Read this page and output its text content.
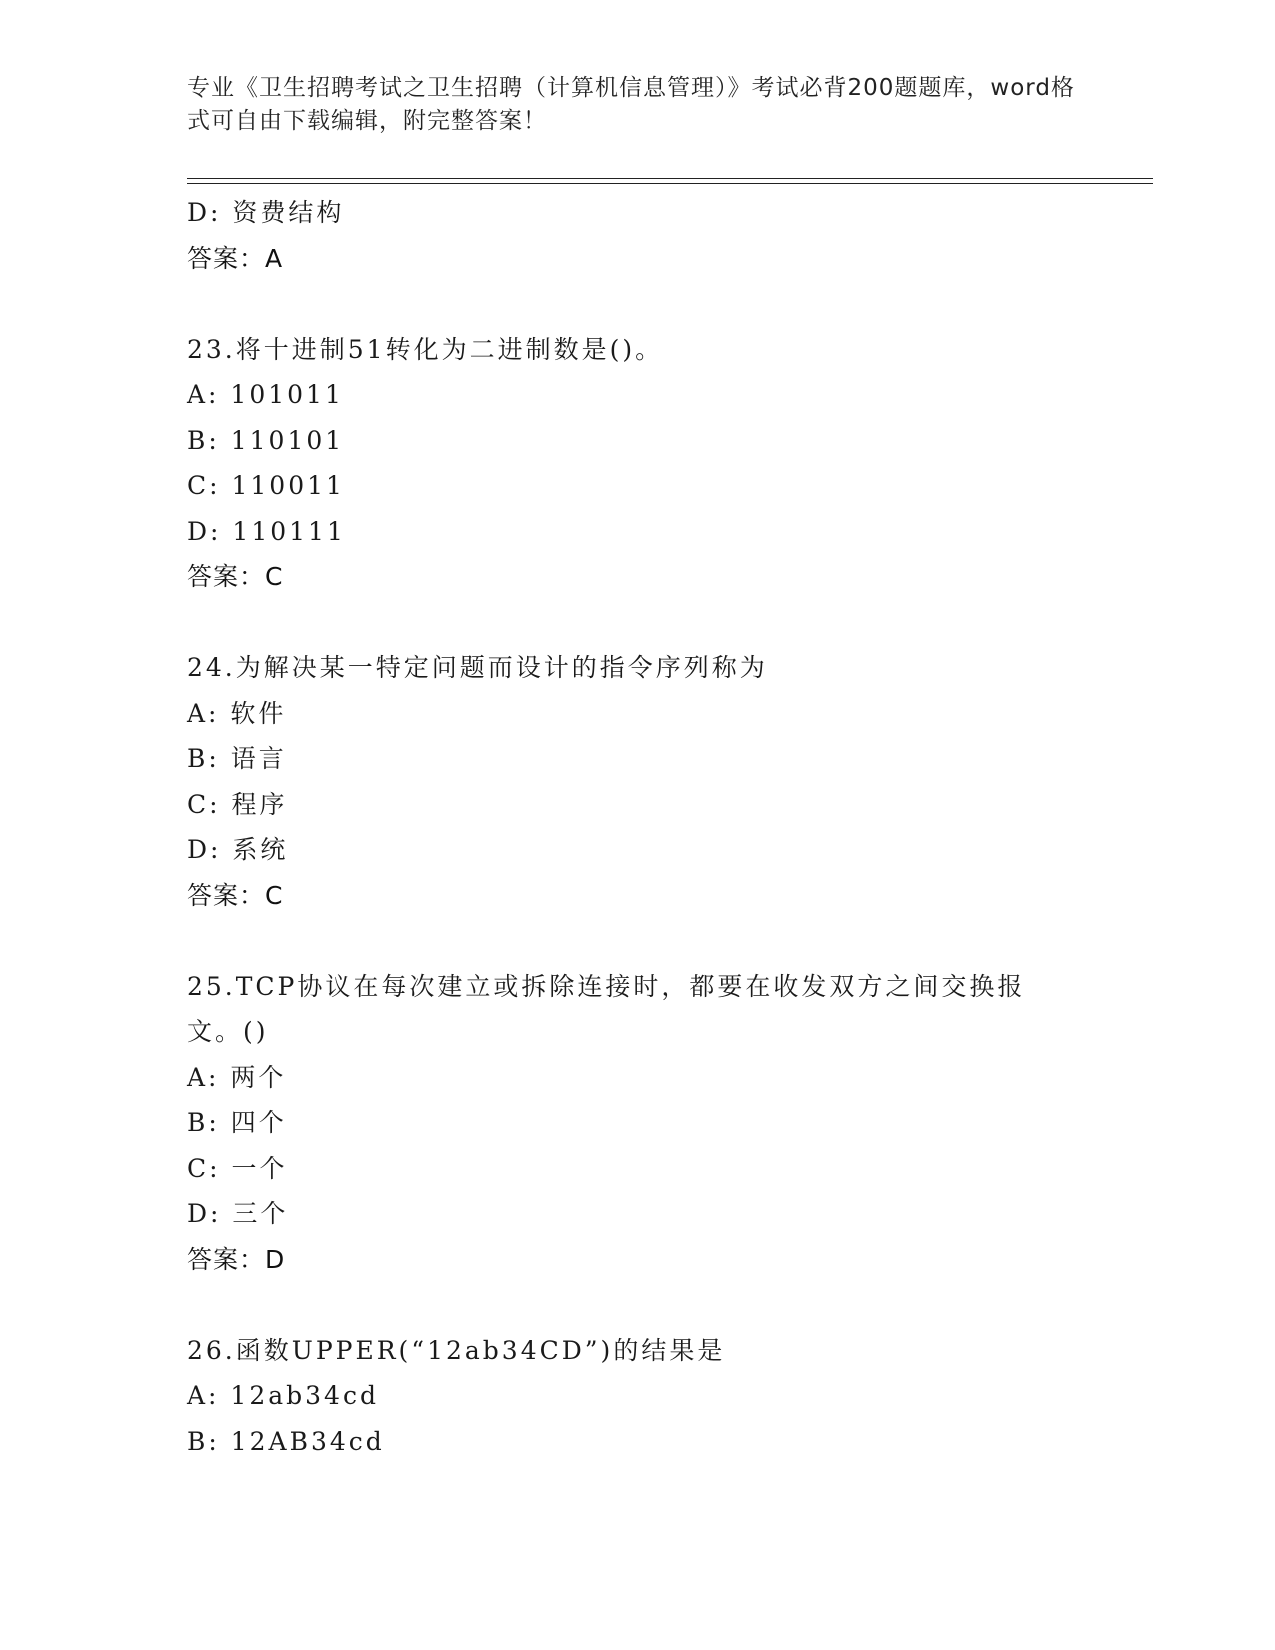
专业《卫生招聘考试之卫生招聘（计算机信息管理）》考试必背200题题库，word格式可自由下载编辑，附完整答案！
D: 资费结构
答案：A
23.将十进制51转化为二进制数是()。
A: 101011
B: 110101
C: 110011
D: 110111
答案：C
24.为解决某一特定问题而设计的指令序列称为
A: 软件
B: 语言
C: 程序
D: 系统
答案：C
25.TCP协议在每次建立或拆除连接时，都要在收发双方之间交换报文。()
A: 两个
B: 四个
C: 一个
D: 三个
答案：D
26.函数UPPER(“12ab34CD”)的结果是
A: 12ab34cd
B: 12AB34cd
